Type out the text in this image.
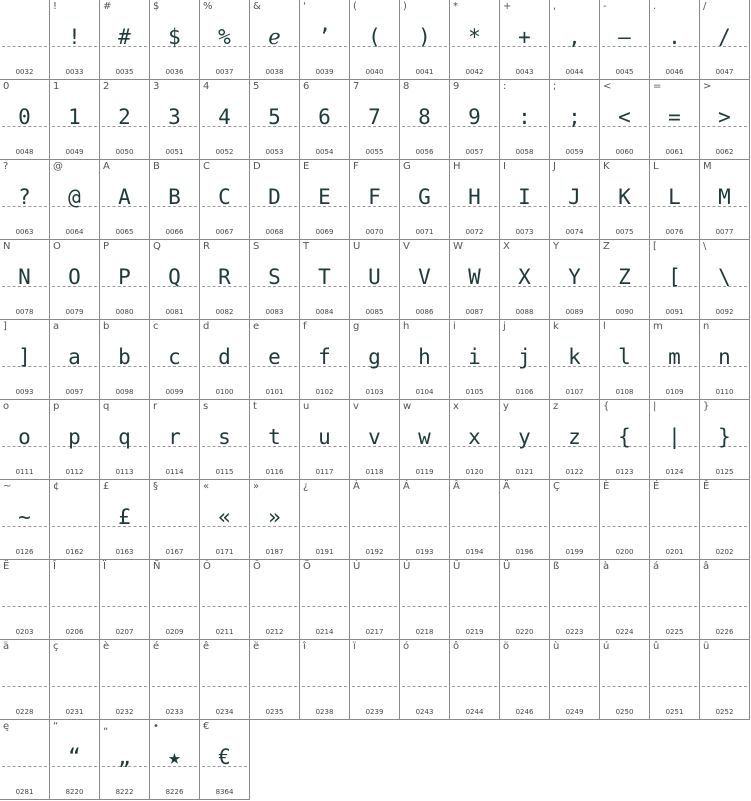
0032
!
!
0033
#
#
0035
$
$
0036
%
%
0037
&
ℯ
0038
'
’
0039
(
(
0040
)
)
0041
*
*
0042
+
+
0043
,
,
0044
-
–
0045
.
.
0046
/
/
0047
0
0
0048
1
1
0049
2
2
0050
3
3
0051
4
4
0052
5
5
0053
6
6
0054
7
7
0055
8
8
0056
9
9
0057
:
:
0058
;
;
0059
<
<
0060
=
=
0061
>
>
0062
?
?
0063
@
@
0064
A
A
0065
B
B
0066
C
C
0067
D
D
0068
E
E
0069
F
F
0070
G
G
0071
H
H
0072
I
I
0073
J
J
0074
K
K
0075
L
L
0076
M
M
0077
N
N
0078
O
O
0079
P
P
0080
Q
Q
0081
R
R
0082
S
S
0083
T
T
0084
U
U
0085
V
V
0086
W
W
0087
X
X
0088
Y
Y
0089
Z
Z
0090
[
[
0091
\
\
0092
]
]
0093
a
a
0097
b
b
0098
c
c
0099
d
d
0100
e
e
0101
f
f
0102
g
g
0103
h
h
0104
i
i
0105
j
j
0106
k
k
0107
l
l
0108
m
m
0109
n
n
0110
o
o
0111
p
p
0112
q
q
0113
r
r
0114
s
s
0115
t
t
0116
u
u
0117
v
v
0118
w
w
0119
x
x
0120
y
y
0121
z
z
0122
{
{
0123
|
|
0124
}
}
0125
~
~
0126
¢
0162
£
£
0163
§
0167
«
«
0171
»
»
0187
¿
0191
À
0192
Á
0193
Â
0194
Ä
0196
Ç
0199
È
0200
É
0201
Ê
0202
Ë
0203
Î
0206
Ï
0207
Ñ
0209
Ó
0211
Ô
0212
Ö
0214
Ù
0217
Ú
0218
Û
0219
Ü
0220
ß
0223
à
0224
á
0225
â
0226
ä
0228
ç
0231
è
0232
é
0233
ê
0234
ë
0235
î
0238
ï
0239
ó
0243
ô
0244
ö
0246
ù
0249
ú
0250
û
0251
ü
0252
ę
0281
“
“
8220
„
„
8222
•
★
8226
€
€
8364
